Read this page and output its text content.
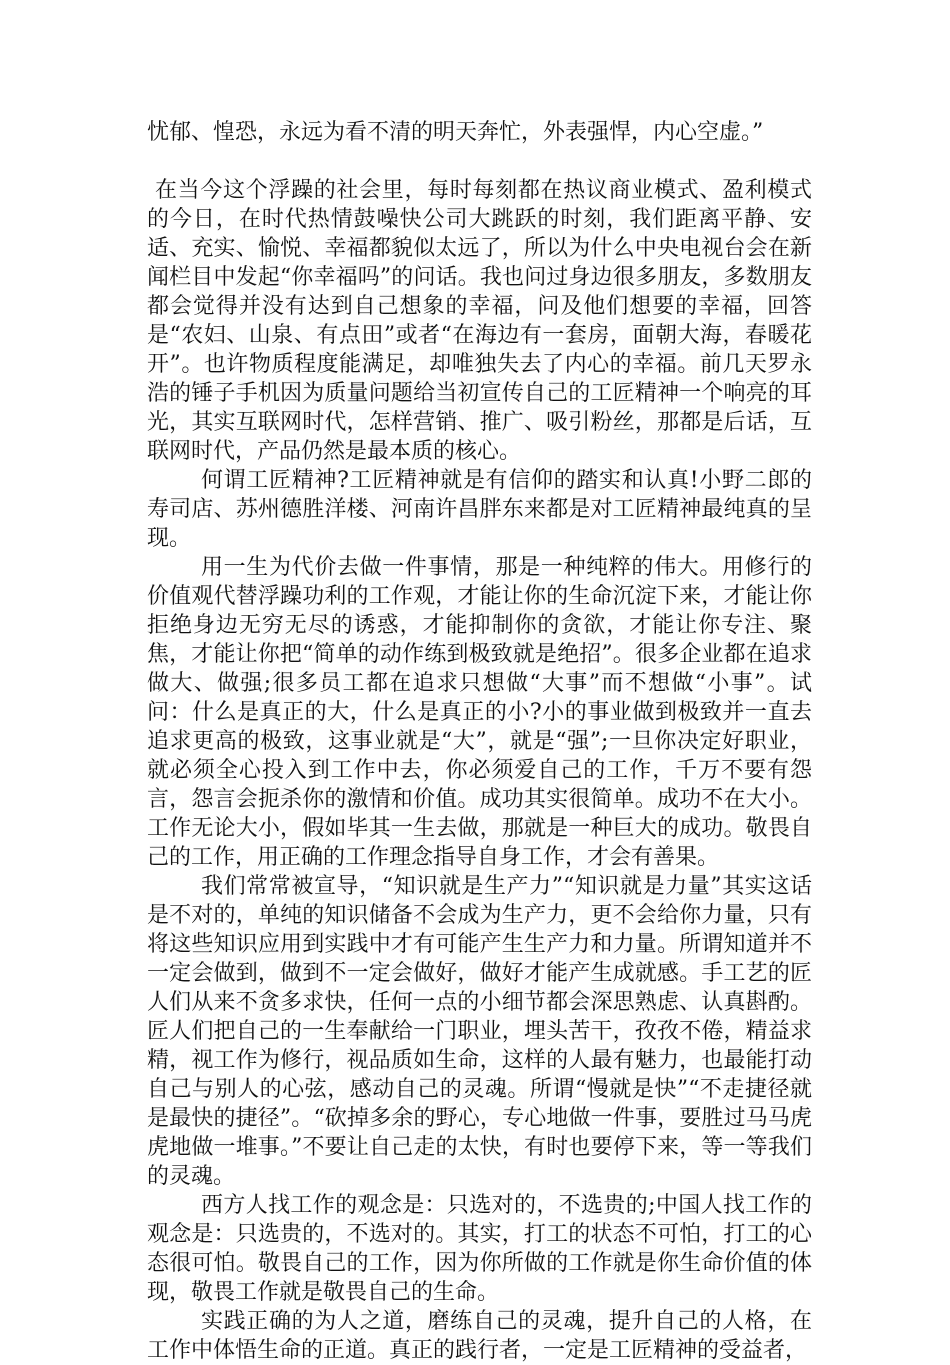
忧郁、惶恐，永远为看不清的明天奔忙，外表强悍，内心空虚。”

在当今这个浮躁的社会里，每时每刻都在热议商业模式、盈利模式的今日，在时代热情鼓噪快公司大跳跃的时刻，我们距离平静、安适、充实、愉悦、幸福都貌似太远了，所以为什么中央电视台会在新闻栏目中发起“你幸福吗”的问话。我也问过身边很多朋友，多数朋友都会觉得并没有达到自己想象的幸福，问及他们想要的幸福，回答是“农妇、山泉、有点田”或者“在海边有一套房，面朝大海，春暖花开”。也许物质程度能满足，却唯独失去了内心的幸福。前几天罗永浩的锤子手机因为质量问题给当初宣传自己的工匠精神一个响亮的耳光，其实互联网时代，怎样营销、推广、吸引粉丝，那都是后话，互联网时代，产品仍然是最本质的核心。

何谓工匠精神?工匠精神就是有信仰的踏实和认真!小野二郎的寿司店、苏州德胜洋楼、河南许昌胖东来都是对工匠精神最纯真的呈现。

用一生为代价去做一件事情，那是一种纯粹的伟大。用修行的价值观代替浮躁功利的工作观，才能让你的生命沉淀下来，才能让你拒绝身边无穷无尽的诱惑，才能抑制你的贪欲，才能让你专注、聚焦，才能让你把“简单的动作练到极致就是绝招”。很多企业都在追求做大、做强;很多员工都在追求只想做“大事”而不想做“小事”。试问：什么是真正的大，什么是真正的小?小的事业做到极致并一直去追求更高的极致，这事业就是“大”，就是“强”;一旦你决定好职业，就必须全心投入到工作中去，你必须爱自己的工作，千万不要有怨言，怨言会扼杀你的激情和价值。成功其实很简单。成功不在大小。工作无论大小，假如毕其一生去做，那就是一种巨大的成功。敬畏自己的工作，用正确的工作理念指导自身工作，才会有善果。

我们常常被宣导，“知识就是生产力”“知识就是力量”其实这话是不对的，单纯的知识储备不会成为生产力，更不会给你力量，只有将这些知识应用到实践中才有可能产生生产力和力量。所谓知道并不一定会做到，做到不一定会做好，做好才能产生成就感。手工艺的匠人们从来不贪多求快，任何一点的小细节都会深思熟虑、认真斟酌。匠人们把自己的一生奉献给一门职业，埋头苦干，孜孜不倦，精益求精，视工作为修行，视品质如生命，这样的人最有魅力，也最能打动自己与别人的心弦，感动自己的灵魂。所谓“慢就是快”“不走捷径就是最快的捷径”。“砍掉多余的野心，专心地做一件事，要胜过马马虎虎地做一堆事。”不要让自己走的太快，有时也要停下来，等一等我们的灵魂。

西方人找工作的观念是：只选对的，不选贵的;中国人找工作的观念是：只选贵的，不选对的。其实，打工的状态不可怕，打工的心态很可怕。敬畏自己的工作，因为你所做的工作就是你生命价值的体现，敬畏工作就是敬畏自己的生命。

实践正确的为人之道，磨练自己的灵魂，提升自己的人格，在工作中体悟生命的正道。真正的践行者，一定是工匠精神的受益者，
